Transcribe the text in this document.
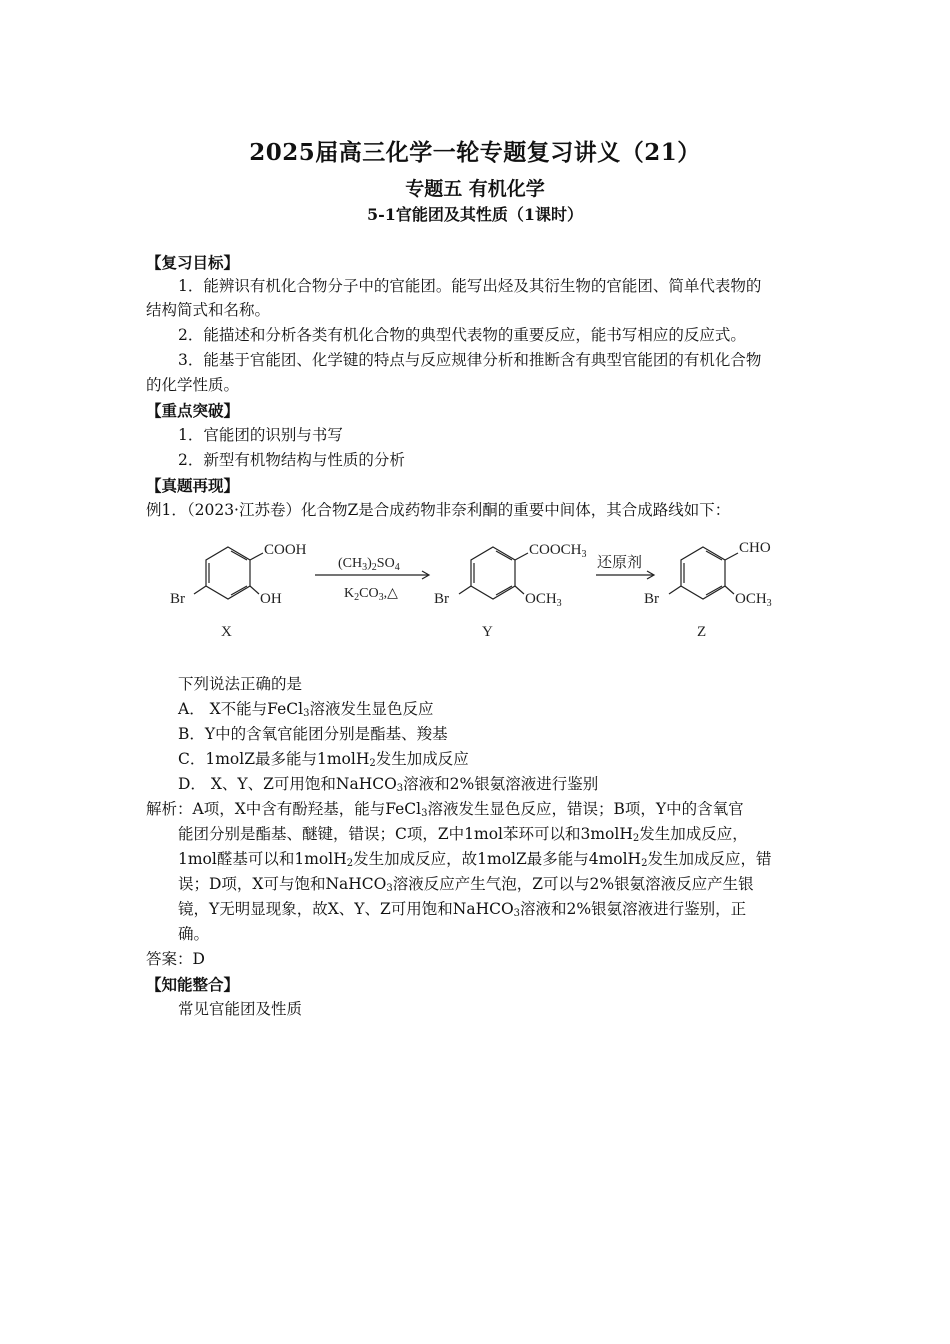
2025届高三化学一轮专题复习讲义（21）
专题五 有机化学
5-1官能团及其性质（1课时）
【复习目标】
1．能辨识有机化合物分子中的官能团。能写出烃及其衍生物的官能团、简单代表物的
结构简式和名称。
2．能描述和分析各类有机化合物的典型代表物的重要反应，能书写相应的反应式。
3．能基于官能团、化学键的特点与反应规律分析和推断含有典型官能团的有机化合物
的化学性质。
【重点突破】
1．官能团的识别与书写
2．新型有机物结构与性质的分析
【真题再现】
例1．（2023·江苏卷）化合物Z是合成药物非奈利酮的重要中间体，其合成路线如下：
COOH
OH
Br
X
$(CH_3)_2SO_4$
$K_2CO_3,\triangle$
$COOCH_3$
$OCH_3$
Br
Y
还原剂
CHO
$OCH_3$
Br
Z
下列说法正确的是
A． X不能与FeCl$_3$溶液发生显色反应
B．Y中的含氧官能团分别是酯基、羧基
C．1molZ最多能与1molH$_2$发生加成反应
D． X、Y、Z可用饱和NaHCO$_3$溶液和2%银氨溶液进行鉴别
解析：A项，X中含有酚羟基，能与FeCl$_3$溶液发生显色反应，错误；B项，Y中的含氧官
能团分别是酯基、醚键，错误；C项，Z中1mol苯环可以和3molH$_2$发生加成反应，
1mol醛基可以和1molH$_2$发生加成反应，故1molZ最多能与4molH$_2$发生加成反应，错
误；D项，X可与饱和NaHCO$_3$溶液反应产生气泡，Z可以与2%银氨溶液反应产生银
镜，Y无明显现象，故X、Y、Z可用饱和NaHCO$_3$溶液和2%银氨溶液进行鉴别，正
确。
答案：D
【知能整合】
常见官能团及性质
